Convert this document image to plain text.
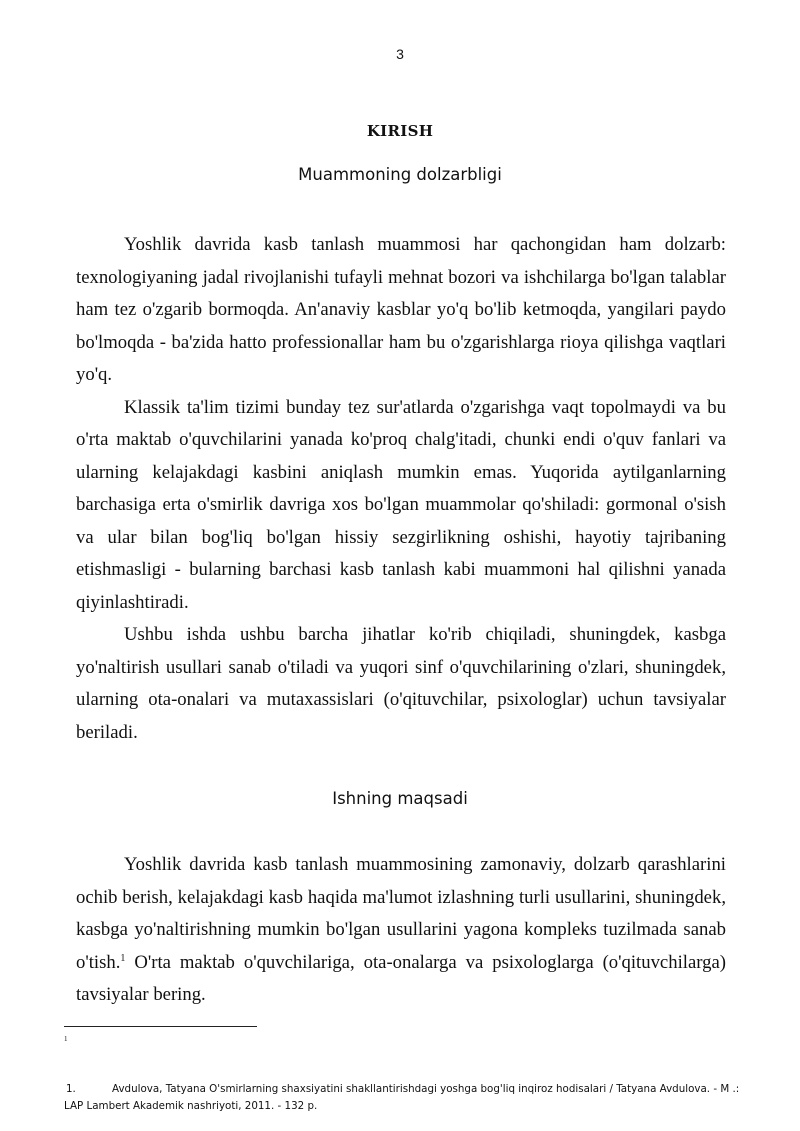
3
KIRISH
Muammoning dolzarbligi

Yoshlik davrida kasb tanlash muammosi har qachongidan ham dolzarb: texnologiyaning jadal rivojlanishi tufayli mehnat bozori va ishchilarga bo'lgan talablar ham tez o'zgarib bormoqda. An'anaviy kasblar yo'q bo'lib ketmoqda, yangilari paydo bo'lmoqda - ba'zida hatto professionallar ham bu o'zgarishlarga rioya qilishga vaqtlari yo'q.

Klassik ta'lim tizimi bunday tez sur'atlarda o'zgarishga vaqt topolmaydi va bu o'rta maktab o'quvchilarini yanada ko'proq chalg'itadi, chunki endi o'quv fanlari va ularning kelajakdagi kasbini aniqlash mumkin emas. Yuqorida aytilganlarning barchasiga erta o'smirlik davriga xos bo'lgan muammolar qo'shiladi: gormonal o'sish va ular bilan bog'liq bo'lgan hissiy sezgirlikning oshishi, hayotiy tajribaning etishmasligi - bularning barchasi kasb tanlash kabi muammoni hal qilishni yanada qiyinlashtiradi.

Ushbu ishda ushbu barcha jihatlar ko'rib chiqiladi, shuningdek, kasbga yo'naltirish usullari sanab o'tiladi va yuqori sinf o'quvchilarining o'zlari, shuningdek, ularning ota-onalari va mutaxassislari (o'qituvchilar, psixologlar) uchun tavsiyalar beriladi.

Ishning maqsadi

Yoshlik davrida kasb tanlash muammosining zamonaviy, dolzarb qarashlarini ochib berish, kelajakdagi kasb haqida ma'lumot izlashning turli usullarini, shuningdek, kasbga yo'naltirishning mumkin bo'lgan usullarini yagona kompleks tuzilmada sanab o'tish.$^1$ O'rta maktab o'quvchilariga, ota-onalarga va psixologlarga (o'qituvchilarga) tavsiyalar bering.

1
1.	Avdulova, Tatyana O'smirlarning shaxsiyatini shakllantirishdagi yoshga bog'liq inqiroz hodisalari / Tatyana Avdulova. - M .: LAP Lambert Akademik nashriyoti, 2011. - 132 p.
